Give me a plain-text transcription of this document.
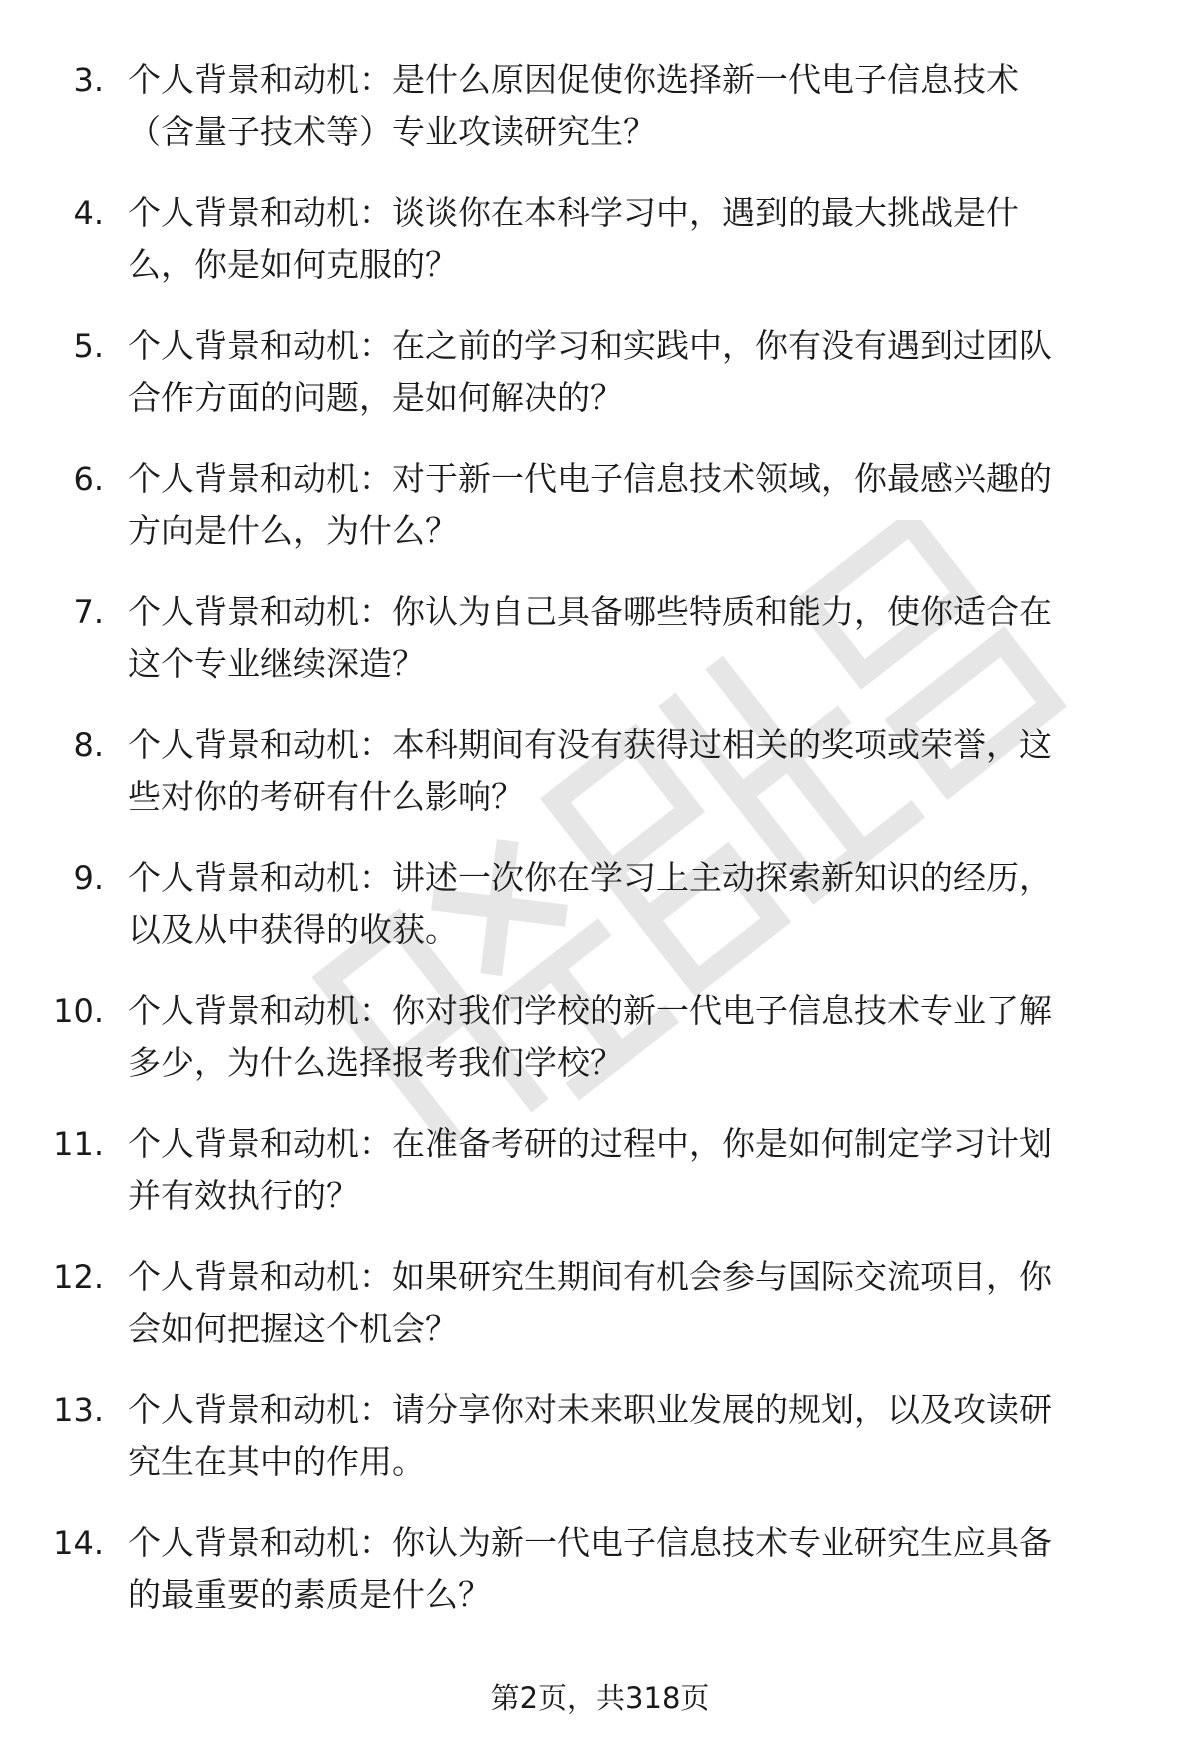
3. 个人背景和动机：是什么原因促使你选择新一代电子信息技术
（含量子技术等）专业攻读研究生？
4. 个人背景和动机：谈谈你在本科学习中，遇到的最大挑战是什
么，你是如何克服的？
5. 个人背景和动机：在之前的学习和实践中，你有没有遇到过团队
合作方面的问题，是如何解决的？
6. 个人背景和动机：对于新一代电子信息技术领域，你最感兴趣的
方向是什么，为什么？
7. 个人背景和动机：你认为自己具备哪些特质和能力，使你适合在
这个专业继续深造？
8. 个人背景和动机：本科期间有没有获得过相关的奖项或荣誉，这
些对你的考研有什么影响？
9. 个人背景和动机：讲述一次你在学习上主动探索新知识的经历，
以及从中获得的收获。
10. 个人背景和动机：你对我们学校的新一代电子信息技术专业了解
多少，为什么选择报考我们学校？
11. 个人背景和动机：在准备考研的过程中，你是如何制定学习计划
并有效执行的？
12. 个人背景和动机：如果研究生期间有机会参与国际交流项目，你
会如何把握这个机会？
13. 个人背景和动机：请分享你对未来职业发展的规划，以及攻读研
究生在其中的作用。
14. 个人背景和动机：你认为新一代电子信息技术专业研究生应具备
的最重要的素质是什么？
第2页，共318页
